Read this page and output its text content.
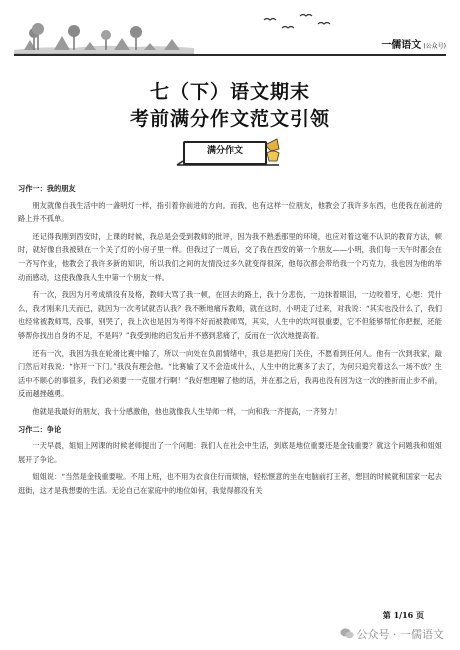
一儒语文 (公众号)
七（下）语文期末
考前满分作文范文引领
满分作文
习作一：我的朋友

朋友就像自我生活中的一盏明灯一样，指引着你前进的方向。而我，也有这样一位朋友，他教会了我许多东西，也使我在前进的路上并不孤单。

还记得我刚到西安时，上课的时候，我总是会受到教师的批评，因为我不熟悉那里的环境，也应对着这毫不认识的教育方法，顿时，就好像自我被锁在一个关了灯的小房子里一样。但我过了一周后，交了我在西安的第一个朋友——小明，我们每一天午时都会在一齐写作业，他教会了我许多新的知识，所以我们之间的友情没过多久就变得很深，他每次都会带给我一个巧克力，我也因为他的举动而感动，这使我像我人生中第一个朋友一样。

有一次，我因为月考成绩没有及格，教师大骂了我一顿，在回去的路上，我十分悲伤，一边抹着眼泪，一边咬着牙，心想：凭什么，我才刚来几天而已，就因为一次考试就否认我？我不断地痛斥教师，就在这时，小明走了过来，对我说：“其实也没什么了，我们也经常被教师骂，没事，别哭了，我上次也是因为考得不好而被教师骂，其实，人生中的坎坷很重要，它不但能够帮忙你把握，还能够帮你找出自身的不足，不是吗？”我受到他的启发后并不感到悲痛了，反而在一次次地提高着。

还有一次，我因为我在轮滑比赛中输了，所以一向处在负面情绪中，我总是把房门关住，不愿看到任何人。他有一次到我家，敲门然后对我说：“你开一下门。”我没有理会他。“比赛输了又不会造成什么，人生中的比赛多了去了，为何只追究着这么一场不放？生活中不顺心的事很多，我们必须要一一克服才行啊！”我好想理解了他的话，并在那之后，我再也没有因为这一次的挫折而止步不前，反而越挫越勇。

他就是我最好的朋友，我十分感激他，他也就像我人生导师一样，一向和我一齐提高，一齐努力！

习作二：争论

一天早晨，姐姐上网课的时候老师提出了一个问题：我们人在社会中生活，到底是地位重要还是金钱重要？就这个问题我和姐姐展开了争论。

姐姐说：“当然是金钱重要啦。不用上班，也不用为衣食住行而烦恼，轻松惬意的坐在电脑前打王者，想回的时候就和国家一起去逛街，这才是我想要的生活。无论自己在家庭中的地位如何，我觉得都没有关

第 1/16 页
公众号 · 一儒语文
